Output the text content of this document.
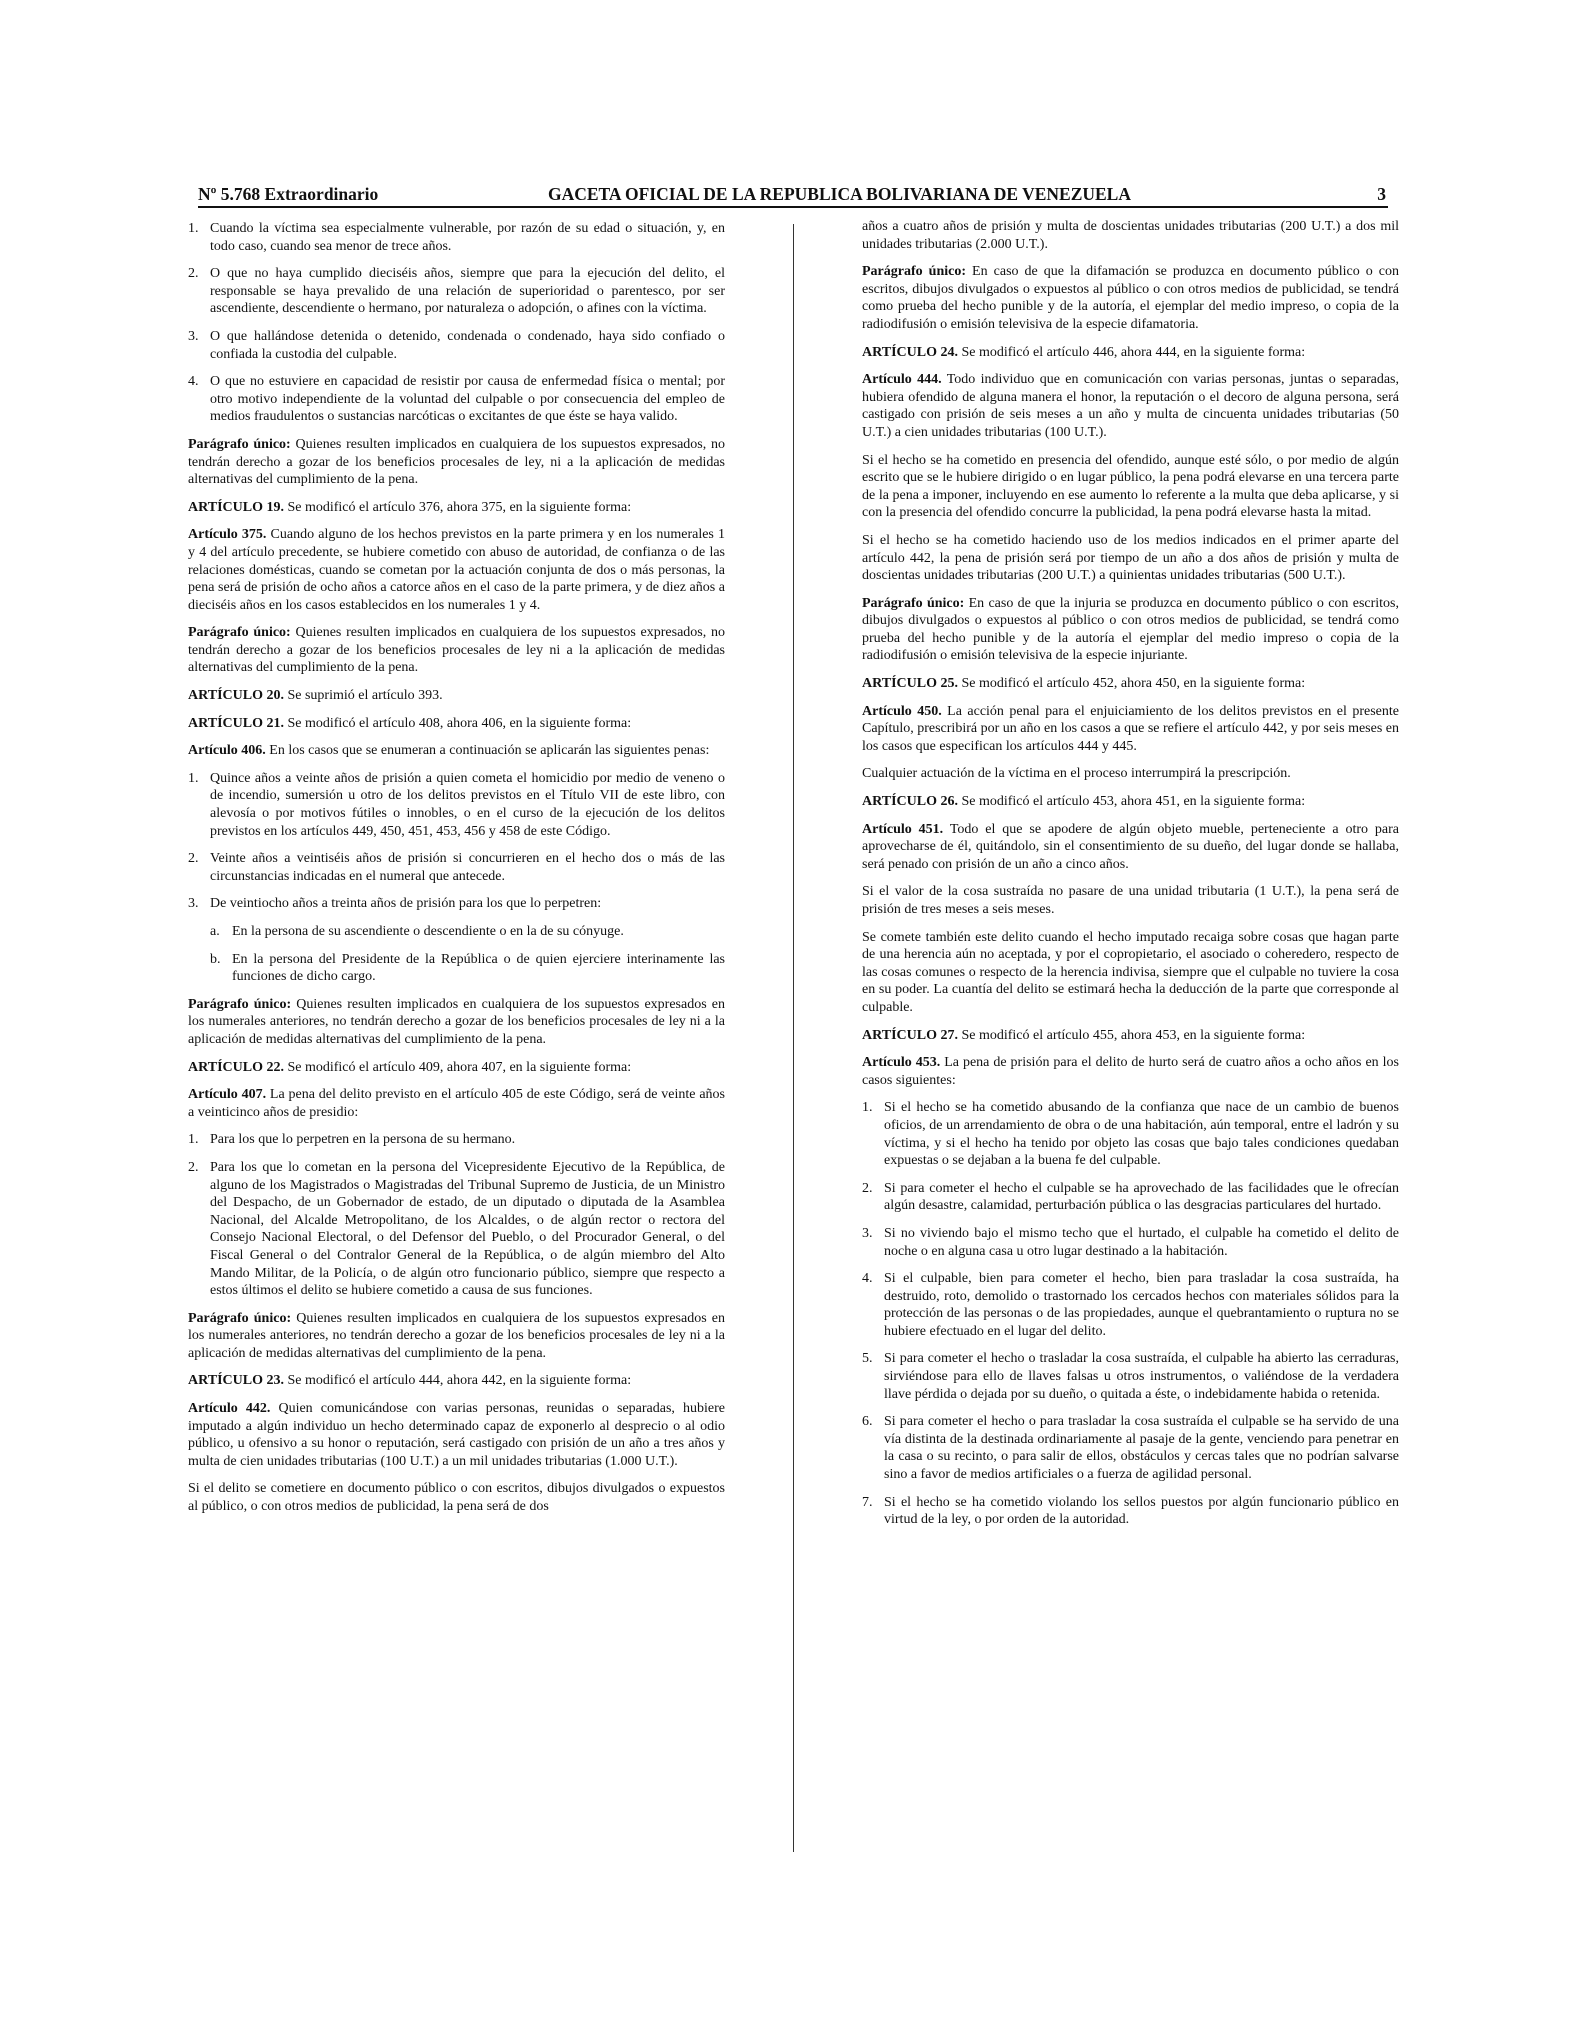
Nº 5.768 Extraordinario	GACETA OFICIAL DE LA REPUBLICA BOLIVARIANA DE VENEZUELA	3
1. Cuando la víctima sea especialmente vulnerable, por razón de su edad o situación, y, en todo caso, cuando sea menor de trece años.
2. O que no haya cumplido dieciséis años, siempre que para la ejecución del delito, el responsable se haya prevalido de una relación de superioridad o parentesco, por ser ascendiente, descendiente o hermano, por naturaleza o adopción, o afines con la víctima.
3. O que hallándose detenida o detenido, condenada o condenado, haya sido confiado o confiada la custodia del culpable.
4. O que no estuviere en capacidad de resistir por causa de enfermedad física o mental; por otro motivo independiente de la voluntad del culpable o por consecuencia del empleo de medios fraudulentos o sustancias narcóticas o excitantes de que éste se haya valido.

Parágrafo único: Quienes resulten implicados en cualquiera de los supuestos expresados, no tendrán derecho a gozar de los beneficios procesales de ley, ni a la aplicación de medidas alternativas del cumplimiento de la pena.

ARTÍCULO 19. Se modificó el artículo 376, ahora 375, en la siguiente forma:

Artículo 375. Cuando alguno de los hechos previstos en la parte primera y en los numerales 1 y 4 del artículo precedente, se hubiere cometido con abuso de autoridad, de confianza o de las relaciones domésticas, cuando se cometan por la actuación conjunta de dos o más personas, la pena será de prisión de ocho años a catorce años en el caso de la parte primera, y de diez años a dieciséis años en los casos establecidos en los numerales 1 y 4.

Parágrafo único: Quienes resulten implicados en cualquiera de los supuestos expresados, no tendrán derecho a gozar de los beneficios procesales de ley ni a la aplicación de medidas alternativas del cumplimiento de la pena.

ARTÍCULO 20. Se suprimió el artículo 393.

ARTÍCULO 21. Se modificó el artículo 408, ahora 406, en la siguiente forma:

Artículo 406. En los casos que se enumeran a continuación se aplicarán las siguientes penas:

1. Quince años a veinte años de prisión a quien cometa el homicidio por medio de veneno o de incendio, sumersión u otro de los delitos previstos en el Título VII de este libro, con alevosía o por motivos fútiles o innobles, o en el curso de la ejecución de los delitos previstos en los artículos 449, 450, 451, 453, 456 y 458 de este Código.
2. Veinte años a veintiséis años de prisión si concurrieren en el hecho dos o más de las circunstancias indicadas en el numeral que antecede.
3. De veintiocho años a treinta años de prisión para los que lo perpetren:
a. En la persona de su ascendiente o descendiente o en la de su cónyuge.
b. En la persona del Presidente de la República o de quien ejerciere interinamente las funciones de dicho cargo.

Parágrafo único: Quienes resulten implicados en cualquiera de los supuestos expresados en los numerales anteriores, no tendrán derecho a gozar de los beneficios procesales de ley ni a la aplicación de medidas alternativas del cumplimiento de la pena.

ARTÍCULO 22. Se modificó el artículo 409, ahora 407, en la siguiente forma:

Artículo 407. La pena del delito previsto en el artículo 405 de este Código, será de veinte años a veinticinco años de presidio:

1. Para los que lo perpetren en la persona de su hermano.
2. Para los que lo cometan en la persona del Vicepresidente Ejecutivo de la República, de alguno de los Magistrados o Magistradas del Tribunal Supremo de Justicia, de un Ministro del Despacho, de un Gobernador de estado, de un diputado o diputada de la Asamblea Nacional, del Alcalde Metropolitano, de los Alcaldes, o de algún rector o rectora del Consejo Nacional Electoral, o del Defensor del Pueblo, o del Procurador General, o del Fiscal General o del Contralor General de la República, o de algún miembro del Alto Mando Militar, de la Policía, o de algún otro funcionario público, siempre que respecto a estos últimos el delito se hubiere cometido a causa de sus funciones.

Parágrafo único: Quienes resulten implicados en cualquiera de los supuestos expresados en los numerales anteriores, no tendrán derecho a gozar de los beneficios procesales de ley ni a la aplicación de medidas alternativas del cumplimiento de la pena.

ARTÍCULO 23. Se modificó el artículo 444, ahora 442, en la siguiente forma:

Artículo 442. Quien comunicándose con varias personas, reunidas o separadas, hubiere imputado a algún individuo un hecho determinado capaz de exponerlo al desprecio o al odio público, u ofensivo a su honor o reputación, será castigado con prisión de un año a tres años y multa de cien unidades tributarias (100 U.T.) a un mil unidades tributarias (1.000 U.T.).

Si el delito se cometiere en documento público o con escritos, dibujos divulgados o expuestos al público, o con otros medios de publicidad, la pena será de dos

años a cuatro años de prisión y multa de doscientas unidades tributarias (200 U.T.) a dos mil unidades tributarias (2.000 U.T.).

Parágrafo único: En caso de que la difamación se produzca en documento público o con escritos, dibujos divulgados o expuestos al público o con otros medios de publicidad, se tendrá como prueba del hecho punible y de la autoría, el ejemplar del medio impreso, o copia de la radiodifusión o emisión televisiva de la especie difamatoria.

ARTÍCULO 24. Se modificó el artículo 446, ahora 444, en la siguiente forma:

Artículo 444. Todo individuo que en comunicación con varias personas, juntas o separadas, hubiera ofendido de alguna manera el honor, la reputación o el decoro de alguna persona, será castigado con prisión de seis meses a un año y multa de cincuenta unidades tributarias (50 U.T.) a cien unidades tributarias (100 U.T.).

Si el hecho se ha cometido en presencia del ofendido, aunque esté sólo, o por medio de algún escrito que se le hubiere dirigido o en lugar público, la pena podrá elevarse en una tercera parte de la pena a imponer, incluyendo en ese aumento lo referente a la multa que deba aplicarse, y si con la presencia del ofendido concurre la publicidad, la pena podrá elevarse hasta la mitad.

Si el hecho se ha cometido haciendo uso de los medios indicados en el primer aparte del artículo 442, la pena de prisión será por tiempo de un año a dos años de prisión y multa de doscientas unidades tributarias (200 U.T.) a quinientas unidades tributarias (500 U.T.).

Parágrafo único: En caso de que la injuria se produzca en documento público o con escritos, dibujos divulgados o expuestos al público o con otros medios de publicidad, se tendrá como prueba del hecho punible y de la autoría el ejemplar del medio impreso o copia de la radiodifusión o emisión televisiva de la especie injuriante.

ARTÍCULO 25. Se modificó el artículo 452, ahora 450, en la siguiente forma:

Artículo 450. La acción penal para el enjuiciamiento de los delitos previstos en el presente Capítulo, prescribirá por un año en los casos a que se refiere el artículo 442, y por seis meses en los casos que especifican los artículos 444 y 445.

Cualquier actuación de la víctima en el proceso interrumpirá la prescripción.

ARTÍCULO 26. Se modificó el artículo 453, ahora 451, en la siguiente forma:

Artículo 451. Todo el que se apodere de algún objeto mueble, perteneciente a otro para aprovecharse de él, quitándolo, sin el consentimiento de su dueño, del lugar donde se hallaba, será penado con prisión de un año a cinco años.

Si el valor de la cosa sustraída no pasare de una unidad tributaria (1 U.T.), la pena será de prisión de tres meses a seis meses.

Se comete también este delito cuando el hecho imputado recaiga sobre cosas que hagan parte de una herencia aún no aceptada, y por el copropietario, el asociado o coheredero, respecto de las cosas comunes o respecto de la herencia indivisa, siempre que el culpable no tuviere la cosa en su poder. La cuantía del delito se estimará hecha la deducción de la parte que corresponde al culpable.

ARTÍCULO 27. Se modificó el artículo 455, ahora 453, en la siguiente forma:

Artículo 453. La pena de prisión para el delito de hurto será de cuatro años a ocho años en los casos siguientes:

1. Si el hecho se ha cometido abusando de la confianza que nace de un cambio de buenos oficios, de un arrendamiento de obra o de una habitación, aún temporal, entre el ladrón y su víctima, y si el hecho ha tenido por objeto las cosas que bajo tales condiciones quedaban expuestas o se dejaban a la buena fe del culpable.
2. Si para cometer el hecho el culpable se ha aprovechado de las facilidades que le ofrecían algún desastre, calamidad, perturbación pública o las desgracias particulares del hurtado.
3. Si no viviendo bajo el mismo techo que el hurtado, el culpable ha cometido el delito de noche o en alguna casa u otro lugar destinado a la habitación.
4. Si el culpable, bien para cometer el hecho, bien para trasladar la cosa sustraída, ha destruido, roto, demolido o trastornado los cercados hechos con materiales sólidos para la protección de las personas o de las propiedades, aunque el quebrantamiento o ruptura no se hubiere efectuado en el lugar del delito.
5. Si para cometer el hecho o trasladar la cosa sustraída, el culpable ha abierto las cerraduras, sirviéndose para ello de llaves falsas u otros instrumentos, o valiéndose de la verdadera llave pérdida o dejada por su dueño, o quitada a éste, o indebidamente habida o retenida.
6. Si para cometer el hecho o para trasladar la cosa sustraída el culpable se ha servido de una vía distinta de la destinada ordinariamente al pasaje de la gente, venciendo para penetrar en la casa o su recinto, o para salir de ellos, obstáculos y cercas tales que no podrían salvarse sino a favor de medios artificiales o a fuerza de agilidad personal.
7. Si el hecho se ha cometido violando los sellos puestos por algún funcionario público en virtud de la ley, o por orden de la autoridad.
